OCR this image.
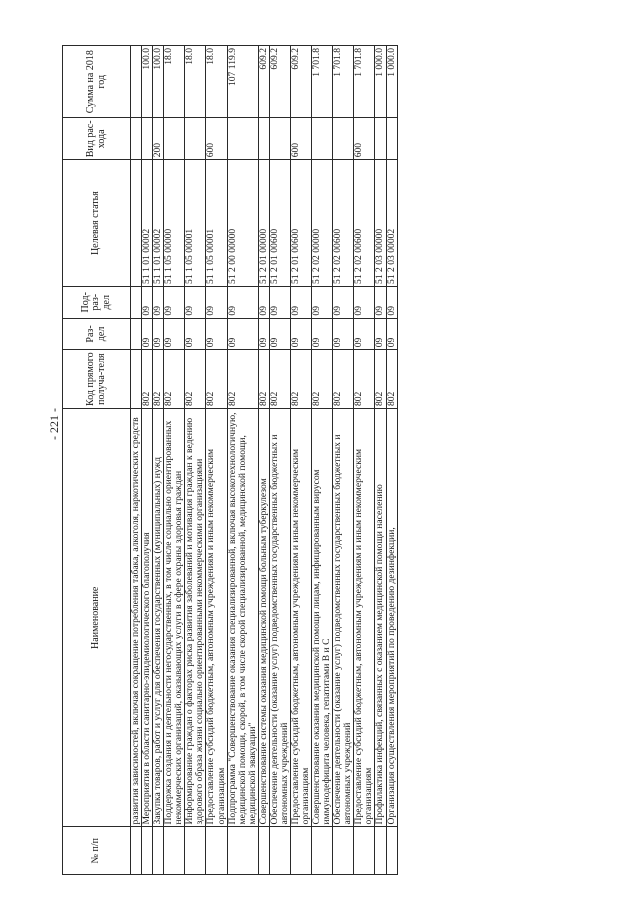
- 221 -
№ п/п	Наименование	Код прямого получа-теля	Раз-дел	Под-раз-дел	Целевая статья	Вид рас-хода	Сумма на 2018 год
	развития зависимостей, включая сокращение потребления табака, алкоголя, наркотических средств						
	Мероприятия в области санитарно-эпидемиологического благополучия	802	09	09	51 1 01 00002		100.0
	Закупка товаров, работ и услуг для обеспечения государственных (муниципальных) нужд	802	09	09	51 1 01 00002	200	100.0
	Поддержка создания и деятельности негосударственных, в том числе социально ориентированных некоммерческих организаций, оказывающих услуги в сфере охраны здоровья граждан	802	09	09	51 1 05 00000		18.0
	Информирование граждан о факторах риска развития заболеваний и мотивация граждан к ведению здорового образа жизни социально ориентированными некоммерческими организациями	802	09	09	51 1 05 00001		18.0
	Предоставление субсидий бюджетным, автономным учреждениям и иным некоммерческим организациям	802	09	09	51 1 05 00001	600	18.0
	Подпрограмма "Совершенствование оказания специализированной, включая высокотехнологичную, медицинской помощи, скорой, в том числе скорой специализированной, медицинской помощи, медицинской эвакуации"	802	09	09	51 2 00 00000		107 119.9
	Совершенствование системы оказания медицинской помощи больным туберкулезом	802	09	09	51 2 01 00000		609.2
	Обеспечение деятельности (оказание услуг) подведомственных государственных бюджетных и автономных учреждений	802	09	09	51 2 01 00600		609.2
	Предоставление субсидий бюджетным, автономным учреждениям и иным некоммерческим организациям	802	09	09	51 2 01 00600	600	609.2
	Совершенствование оказания медицинской помощи лицам, инфицированным вирусом иммунодефицита человека, гепатитами B и C	802	09	09	51 2 02 00000		1 701.8
	Обеспечение деятельности (оказание услуг) подведомственных государственных бюджетных и автономных учреждений	802	09	09	51 2 02 00600		1 701.8
	Предоставление субсидий бюджетным, автономным учреждениям и иным некоммерческим организациям	802	09	09	51 2 02 00600	600	1 701.8
	Профилактика инфекций, связанных с оказанием медицинской помощи населению	802	09	09	51 2 03 00000		1 000.0
	Организация осуществления мероприятий по проведению дезинфекции,	802	09	09	51 2 03 00002		1 000.0
